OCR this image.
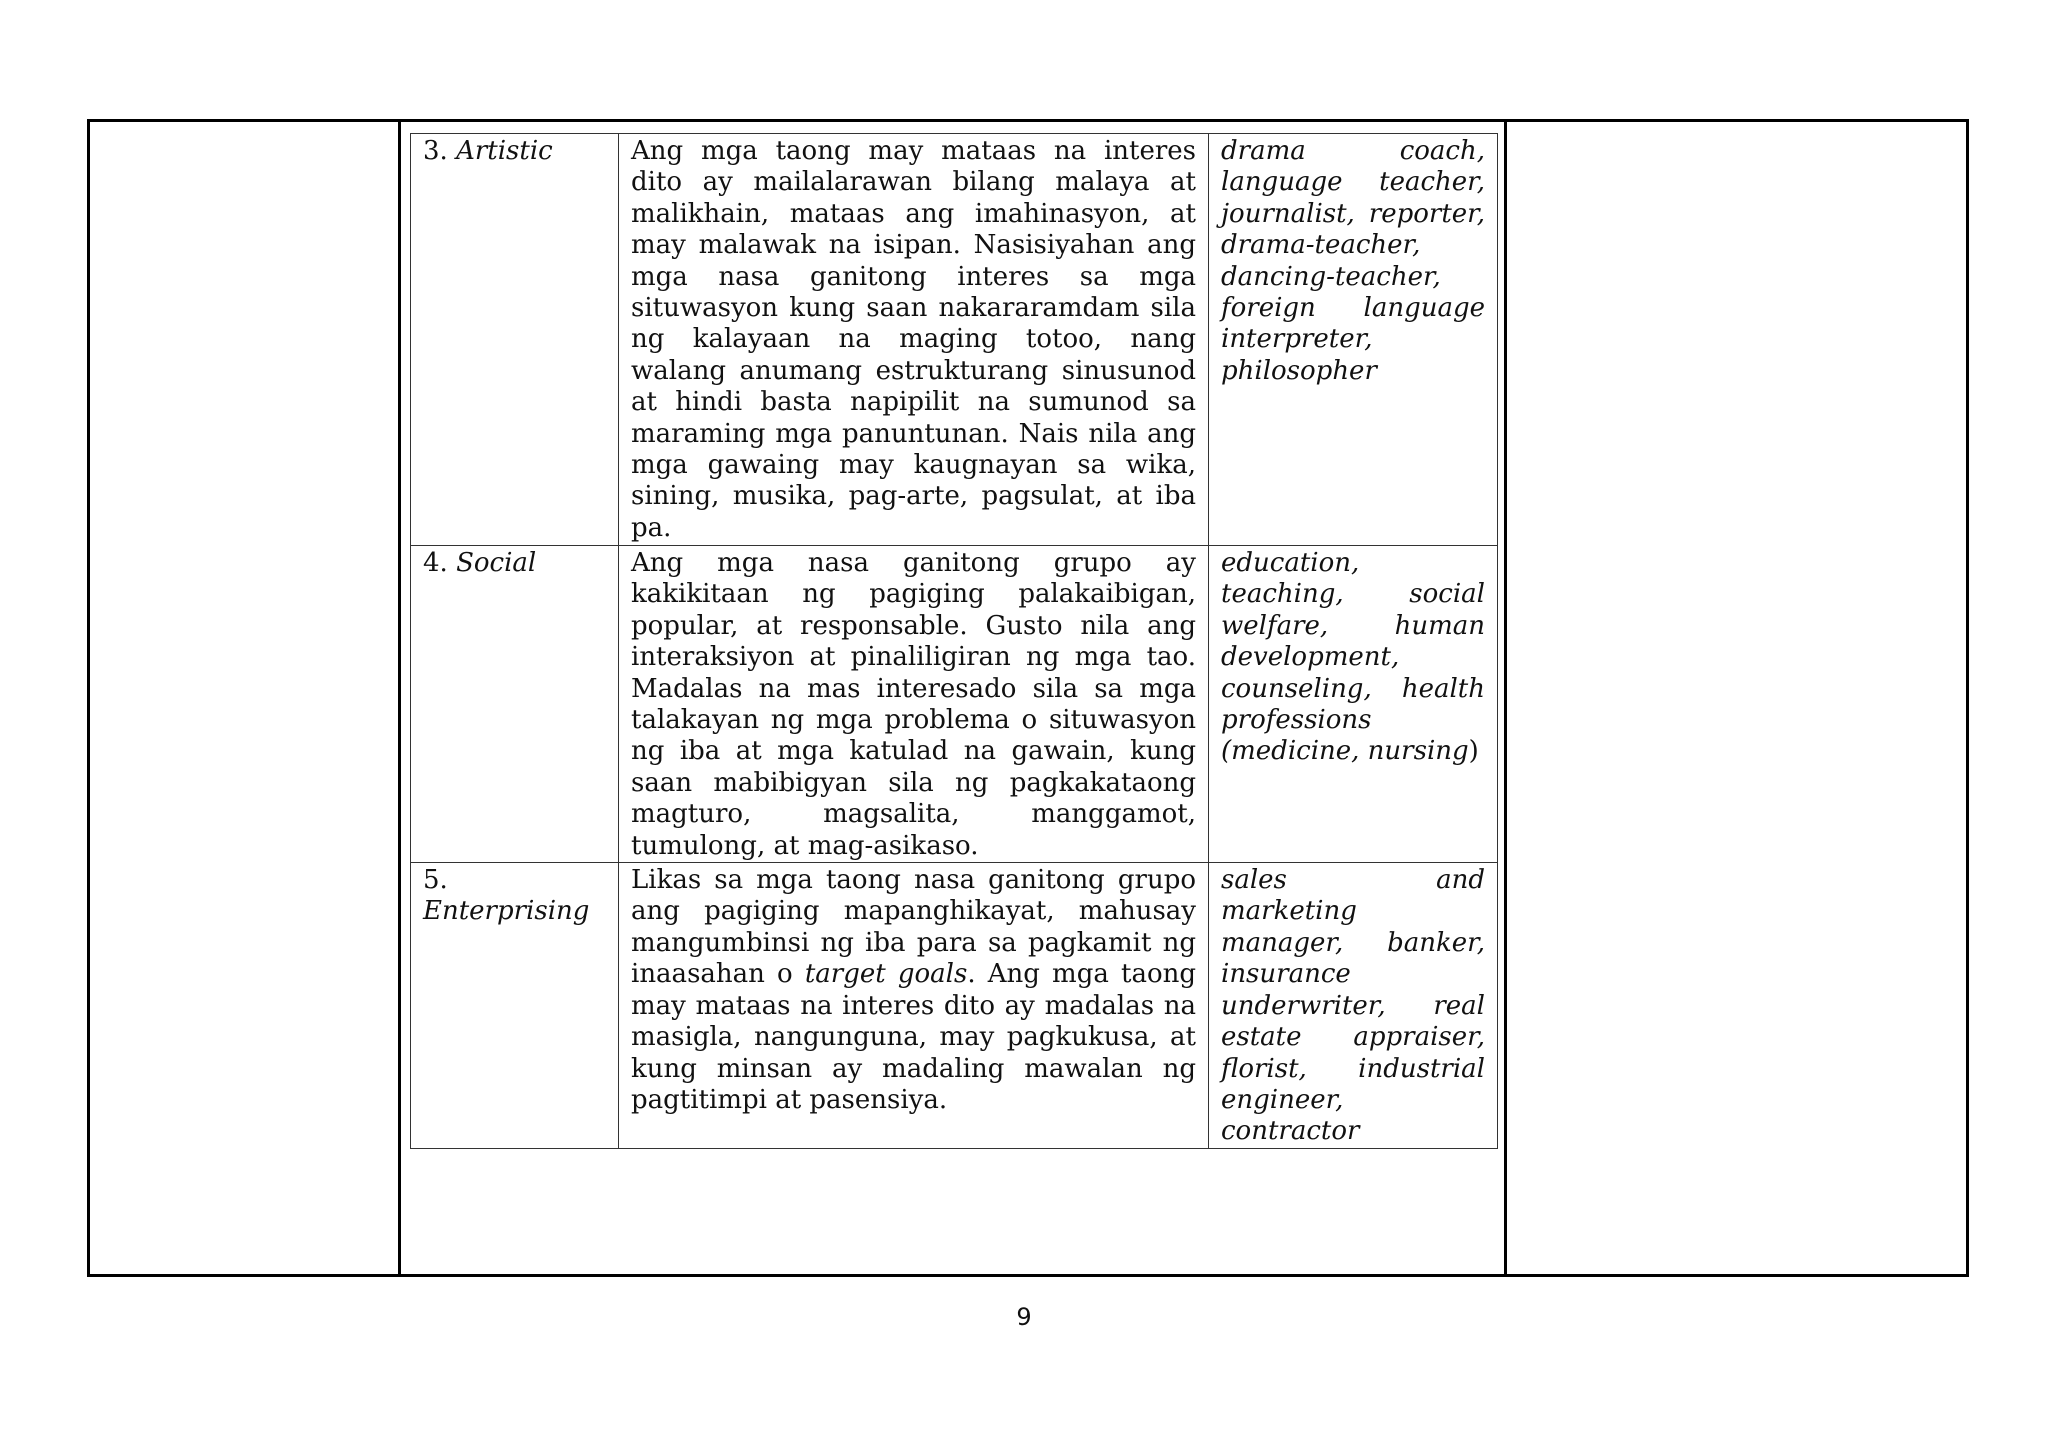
3. Artistic	Ang mga taong may mataas na interes dito ay mailalarawan bilang malaya at malikhain, mataas ang imahinasyon, at may malawak na isipan. Nasisiyahan ang mga nasa ganitong interes sa mga situwasyon kung saan nakararamdam sila ng kalayaan na maging totoo, nang walang anumang estrukturang sinusunod at hindi basta napipilit na sumunod sa maraming mga panuntunan. Nais nila ang mga gawaing may kaugnayan sa wika, sining, musika, pag-arte, pagsulat, at iba pa.	drama coach, language teacher, journalist, reporter, drama-teacher, dancing-teacher, foreign language interpreter, philosopher
4. Social	Ang mga nasa ganitong grupo ay kakikitaan ng pagiging palakaibigan, popular, at responsable. Gusto nila ang interaksiyon at pinaliligiran ng mga tao. Madalas na mas interesado sila sa mga talakayan ng mga problema o situwasyon ng iba at mga katulad na gawain, kung saan mabibigyan sila ng pagkakataong magturo, magsalita, manggamot, tumulong, at mag-asikaso.	education, teaching, social welfare, human development, counseling, health professions (medicine, nursing)
5. Enterprising	Likas sa mga taong nasa ganitong grupo ang pagiging mapanghikayat, mahusay mangumbinsi ng iba para sa pagkamit ng inaasahan o target goals. Ang mga taong may mataas na interes dito ay madalas na masigla, nangunguna, may pagkukusa, at kung minsan ay madaling mawalan ng pagtitimpi at pasensiya.	sales and marketing manager, banker, insurance underwriter, real estate appraiser, florist, industrial engineer, contractor
9
